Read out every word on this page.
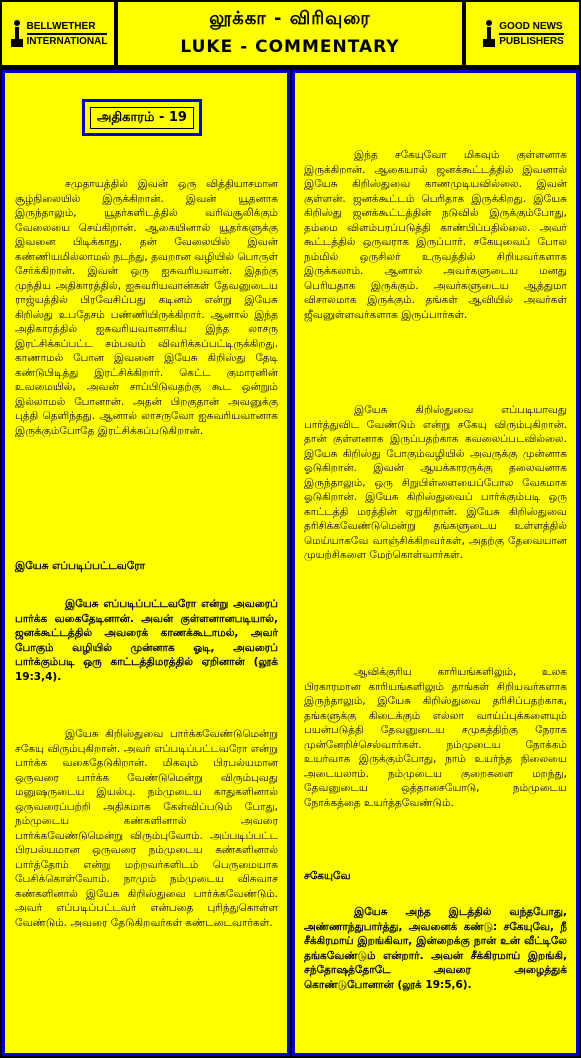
BELLWETHER
INTERNATIONAL
லூக்கா - விரிவுரை
LUKE - COMMENTARY
GOOD NEWS
PUBLISHERS
அதிகாரம் - 19

சமுதாயத்தில் இவன் ஒரு வித்தியாசமான சூழ்நிலையில் இருக்கிறான். இவன் யூதனாக இருந்தாலும், யூதர்களிடத்தில் வரிவசூலிக்கும் வேலையை செய்கிறான். ஆகையினால் யூதர்களுக்கு இவனை பிடிக்காது. தன் வேலையில் இவன் கண்ணியமில்லாமல் நடந்து, தவறான வழியில் பொருள் சேர்க்கிறான். இவன் ஒரு ஐசுவரியவான். இதற்கு முந்திய அதிகாரத்தில், ஐசுவரியவான்கள் தேவனுடைய ராஜ்யத்தில் பிரவேசிப்பது கடினம் என்று இயேசு கிறிஸ்து உபதேசம் பண்ணியிருக்கிறார். ஆனால் இந்த அதிகாரத்தில் ஐசுவரியவானாகிய இந்த லாசரு இரட்சிக்கப்பட்ட சம்பவம் விவரிக்கப்பட்டிருக்கிறது. காணாமல் போன இவனை இயேசு கிறிஸ்து தேடி கண்டுபிடித்து இரட்சிக்கிறார். கெட்ட குமாரனின் உவமையில், அவன் சாப்பிடுவதற்கு கூட ஒன்றும் இல்லாமல் போனான். அதன் பிறகுதான் அவனுக்கு புத்தி தெளிந்தது. ஆனால் லாசருவோ ஐசுவரியவானாக இருக்கும்போதே இரட்சிக்கப்படுகிறான்.

இயேசு எப்படிப்பட்டவரோ

இயேசு எப்படிப்பட்டவரோ என்று அவரைப் பார்க்க வகைதேடினான். அவன் குள்ளனானபடியால், ஜனக்கூட்டத்தில் அவரைக் காணக்கூடாமல், அவர் போகும் வழியில் முன்னாக ஓடி, அவரைப் பார்க்கும்படி ஒரு காட்டத்திமரத்தில் ஏறினான் (லூக் 19:3,4).

இயேசு கிறிஸ்துவை பார்க்கவேண்டுமென்று சகேயு விரும்புகிறான். அவர் எப்படிப்பட்டவரோ என்று பார்க்க வகைதேடுகிறான். மிகவும் பிரபல்யமான ஒருவரை பார்க்க வேண்டுமென்று விரும்புவது மனுஷருடைய இயல்பு. நம்முடைய காதுகளினால் ஒருவரைப்பற்றி அதிகமாக கேள்விப்படும் போது, நம்முடைய கண்களினால் அவரை பார்க்கவேண்டுமென்று விரும்புவோம். அப்படிப்பட்ட பிரபல்யமான ஒருவரை நம்முடைய கண்களினால் பார்த்தோம் என்று மற்றவர்களிடம் பெருமையாக பேசிக்கொள்வோம். நாமும் நம்முடைய விசுவாச கண்களினால் இயேசு கிறிஸ்துவை பார்க்கவேண்டும். அவர் எப்படிப்பட்டவர் என்பதை புரிந்துகொள்ள வேண்டும். அவரை தேடுகிறவர்கள் கண்டடைவார்கள்.

இந்த சகேயுவோ மிகவும் குள்ளனாக இருக்கிறான். ஆகையால் ஜனக்கூட்டத்தில் இவனால் இயேசு கிறிஸ்துவை காணமுடியவில்லை. இவன் குள்ளன். ஜனக்கூட்டம் பெரிதாக இருக்கிறது. இயேசு கிறிஸ்து ஜனக்கூட்டத்தின் நடுவில் இருக்கும்போது, தம்மை விளம்பரப்படுத்தி காண்பிப்பதில்லை. அவர் கூட்டத்தில் ஒருவராக இருப்பார். சகேயுவைப் போல நம்மில் ஒருசிலர் உருவத்தில் சிறியவர்களாக இருக்கலாம். ஆனால் அவர்களுடைய மனது பெரியதாக இருக்கும். அவர்களுடைய ஆத்துமா விசாலமாக இருக்கும். தங்கள் ஆவியில் அவர்கள் ஜீவனுள்ளவர்களாக இருப்பார்கள்.

இயேசு கிறிஸ்துவை எப்படியாவது பார்த்துவிட வேண்டும் என்று சகேயு விரும்புகிறான். தான் குள்ளனாக இருப்பதற்காக கவலைப்படவில்லை. இயேசு கிறிஸ்து போகும்வழியில் அவருக்கு முன்னாக ஓடுகிறான். இவன் ஆயக்காரருக்கு தலைவனாக இருந்தாலும், ஒரு சிறுபிள்ளையைப்போல வேகமாக ஓடுகிறான். இயேசு கிறிஸ்துவைப் பார்க்கும்படி ஒரு காட்டத்தி மரத்தின் ஏறுகிறான். இயேசு கிறிஸ்துவை தரிசிக்கவேண்டுமென்று தங்களுடைய உள்ளத்தில் மெய்யாகவே வாஞ்சிக்கிறவர்கள், அதற்கு தேவையான முயற்சிகளை மேற்கொள்வார்கள்.

ஆவிக்குரிய காரியங்களிலும், உலக பிரகாரமான காரியங்களிலும் தாங்கள் சிறியவர்களாக இருந்தாலும், இயேசு கிறிஸ்துவை தரிசிப்பதற்காக, தங்களுக்கு கிடைக்கும் எல்லா வாய்ப்புக்களையும் பயன்படுத்தி தேவனுடைய சமுகத்திற்கு நேராக முன்னேறிச்செல்வார்கள். நம்முடைய நோக்கம் உயர்வாக இருக்கும்போது, நாம் உயர்ந்த நிலையை அடையலாம். நம்முடைய குறைகளை மறந்து, தேவனுடைய ஒத்தாசையோடு, நம்முடைய நோக்கத்தை உயர்த்தவேண்டும்.

சகேயுவே

இயேசு அந்த இடத்தில் வந்தபோது, அண்ணாந்துபார்த்து, அவனைக் கண்டு: சகேயுவே, நீ சீக்கிரமாய் இறங்கிவா, இன்றைக்கு நான் உன் வீட்டிலே தங்கவேண்டும் என்றார். அவன் சீக்கிரமாய் இறங்கி, சந்தோஷத்தோடே அவரை அழைத்துக் கொண்டுபோனான் (லூக் 19:5,6).
